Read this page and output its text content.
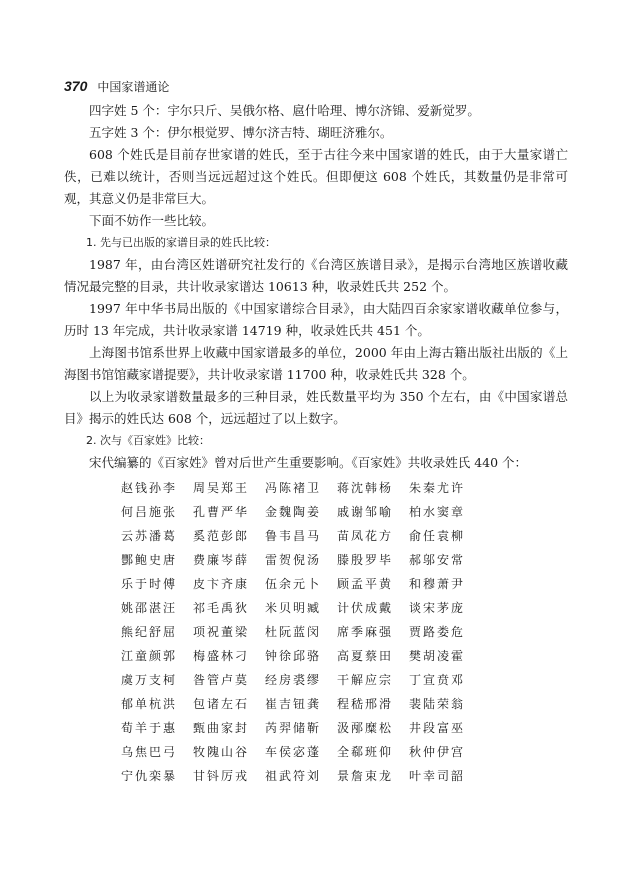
370 中国家谱通论

四字姓 5 个：宇尔只斤、吴俄尔格、扈什哈理、博尔济锦、爱新觉罗。

五字姓 3 个：伊尔根觉罗、博尔济吉特、瑚旺济雅尔。

608 个姓氏是目前存世家谱的姓氏，至于古往今来中国家谱的姓氏，由于大量家谱亡佚，已难以统计，否则当远远超过这个姓氏。但即便这 608 个姓氏，其数量仍是非常可观，其意义仍是非常巨大。

下面不妨作一些比较。

1. 先与已出版的家谱目录的姓氏比较：

1987 年，由台湾区姓谱研究社发行的《台湾区族谱目录》，是揭示台湾地区族谱收藏情况最完整的目录，共计收录家谱达 10613 种，收录姓氏共 252 个。

1997 年中华书局出版的《中国家谱综合目录》，由大陆四百余家家谱收藏单位参与，历时 13 年完成，共计收录家谱 14719 种，收录姓氏共 451 个。

上海图书馆系世界上收藏中国家谱最多的单位，2000 年由上海古籍出版社出版的《上海图书馆馆藏家谱提要》，共计收录家谱 11700 种，收录姓氏共 328 个。

以上为收录家谱数量最多的三种目录，姓氏数量平均为 350 个左右，由《中国家谱总目》揭示的姓氏达 608 个，远远超过了以上数字。

2. 次与《百家姓》比较：

宋代编纂的《百家姓》曾对后世产生重要影响。《百家姓》共收录姓氏 440 个：

赵钱孙李	周吴郑王	冯陈褚卫	蒋沈韩杨	朱秦尤许
何吕施张	孔曹严华	金魏陶姜	戚谢邹喻	柏水窦章
云苏潘葛	奚范彭郎	鲁韦昌马	苗凤花方	俞任袁柳
酆鲍史唐	费廉岑薛	雷贺倪汤	滕殷罗毕	郝邬安常
乐于时傅	皮卞齐康	伍余元卜	顾孟平黄	和穆萧尹
姚邵湛汪	祁毛禹狄	米贝明臧	计伏成戴	谈宋茅庞
熊纪舒屈	项祝董梁	杜阮蓝闵	席季麻强	贾路娄危
江童颜郭	梅盛林刁	钟徐邱骆	高夏蔡田	樊胡凌霍
虞万支柯	昝管卢莫	经房裘缪	干解应宗	丁宣贲邓
郁单杭洪	包诸左石	崔吉钮龚	程嵇邢滑	裴陆荣翁
荀羊于惠	甄曲家封	芮羿储靳	汲邴糜松	井段富巫
乌焦巴弓	牧隗山谷	车侯宓蓬	全郗班仰	秋仲伊宫
宁仇栾暴	甘钭厉戎	祖武符刘	景詹束龙	叶幸司韶
